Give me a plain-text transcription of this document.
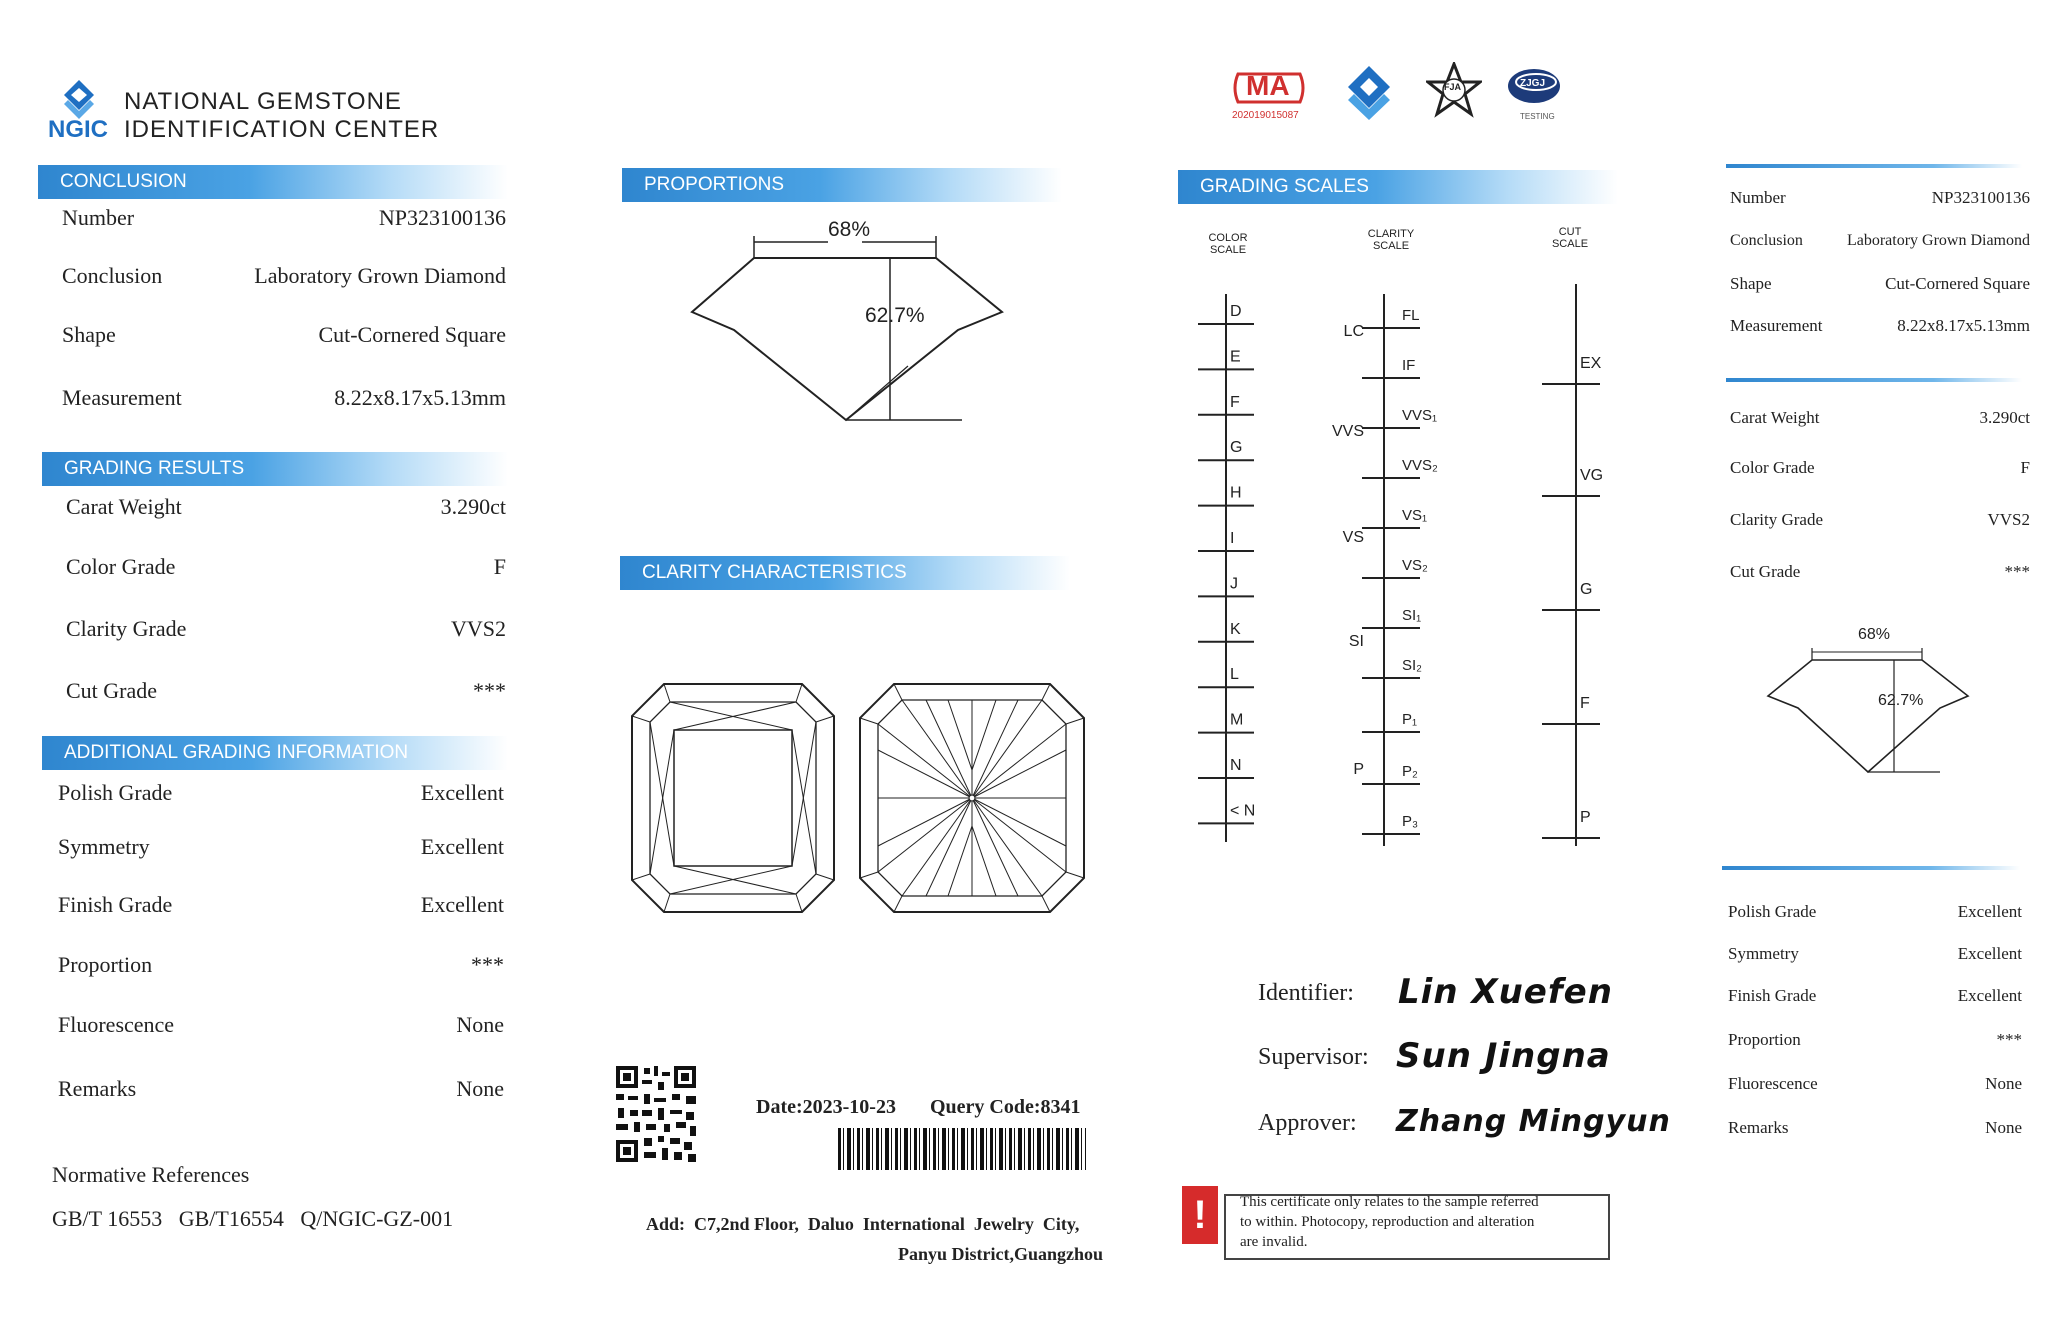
NGIC
NATIONAL GEMSTONE
IDENTIFICATION CENTER
CONCLUSION
Number	NP323100136
Conclusion	Laboratory Grown Diamond
Shape	Cut-Cornered Square
Measurement	8.22x8.17x5.13mm
GRADING RESULTS
Carat Weight	3.290ct
Color Grade	F
Clarity Grade	VVS2
Cut Grade	***
ADDITIONAL GRADING INFORMATION
Polish Grade	Excellent
Symmetry	Excellent
Finish Grade	Excellent
Proportion	***
Fluorescence	None
Remarks	None
Normative References
GB/T 16553   GB/T16554   Q/NGIC-GZ-001
PROPORTIONS
68%
62.7%
CLARITY CHARACTERISTICS
Date:2023-10-23 Query Code:8341
Add:  C7,2nd Floor,  Daluo  International  Jewelry  City,
Panyu District,Guangzhou
MA
202019015087
FJA	ZJGJ
TESTING
GRADING SCALES
COLOR
SCALE
CLARITY
SCALE
CUT
SCALE
D
E
F
G
H
I
J
K
L
M
N
< N
FL
IF
VVS₁
VVS₂
VS₁
VS₂
SI₁
SI₂
P₁
P₂
P₃
LC
VVS
VS
SI
P
EX
VG
G
F
P
Identifier: Lin Xuefen
Supervisor: Sun Jingna
Approver: Zhang Mingyun
!	This certificate only relates to the sample referred
to within. Photocopy, reproduction and alteration
are invalid.
Number	NP323100136
Conclusion	Laboratory Grown Diamond
Shape	Cut-Cornered Square
Measurement	8.22x8.17x5.13mm
Carat Weight	3.290ct
Color Grade	F
Clarity Grade	VVS2
Cut Grade	***
68%
62.7%
Polish Grade	Excellent
Symmetry	Excellent
Finish Grade	Excellent
Proportion	***
Fluorescence	None
Remarks	None
